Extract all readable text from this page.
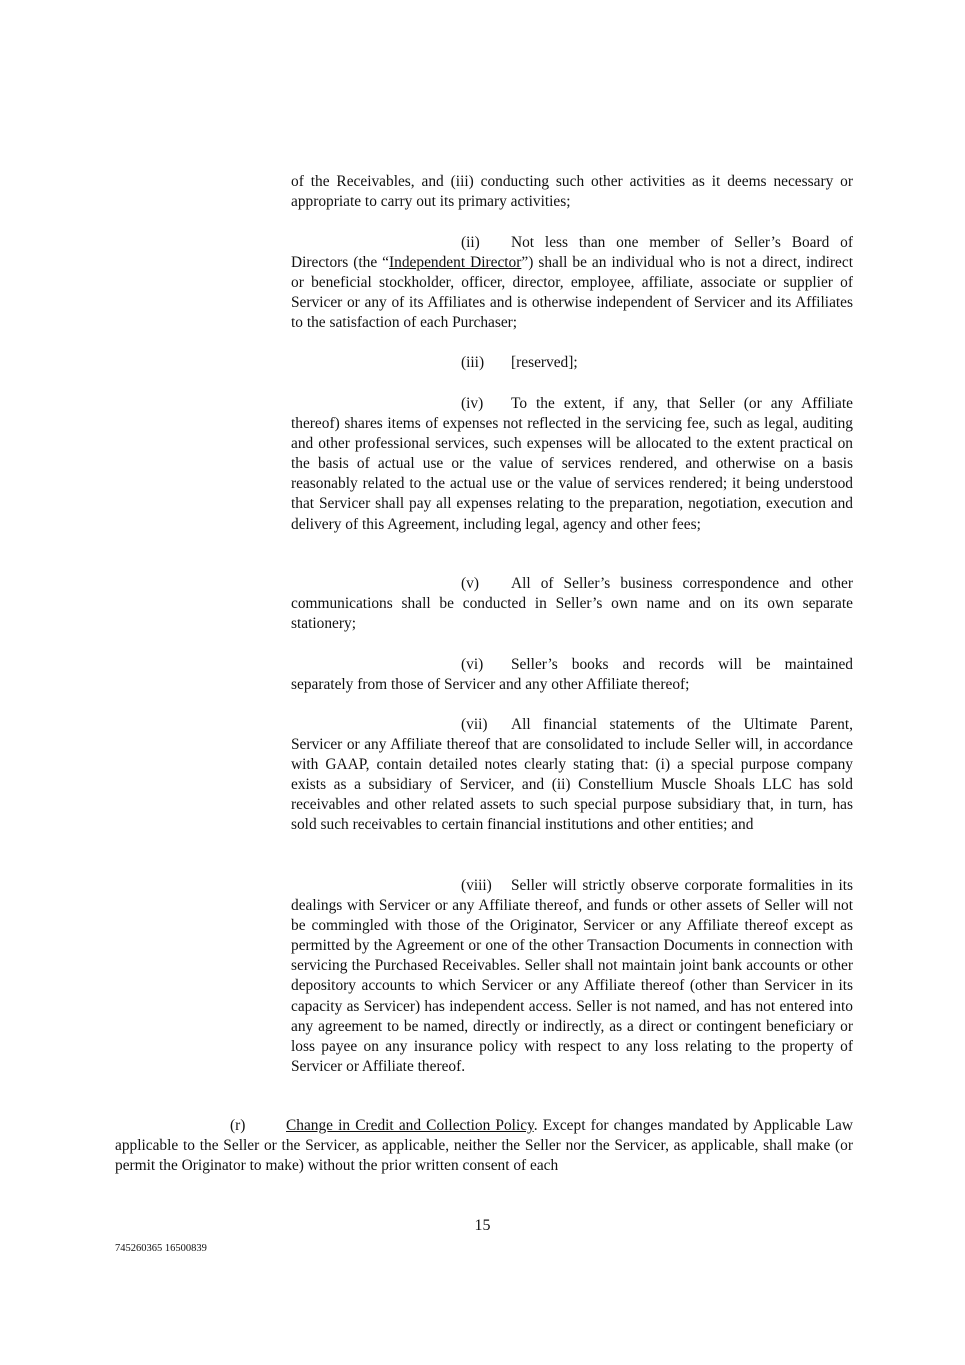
of the Receivables, and (iii) conducting such other activities as it deems necessary or appropriate to carry out its primary activities;

(ii) Not less than one member of Seller’s Board of Directors (the “Independent Director”) shall be an individual who is not a direct, indirect or beneficial stockholder, officer, director, employee, affiliate, associate or supplier of Servicer or any of its Affiliates and is otherwise independent of Servicer and its Affiliates to the satisfaction of each Purchaser;

(iii) [reserved];

(iv) To the extent, if any, that Seller (or any Affiliate thereof) shares items of expenses not reflected in the servicing fee, such as legal, auditing and other professional services, such expenses will be allocated to the extent practical on the basis of actual use or the value of services rendered, and otherwise on a basis reasonably related to the actual use or the value of services rendered; it being understood that Servicer shall pay all expenses relating to the preparation, negotiation, execution and delivery of this Agreement, including legal, agency and other fees;

(v) All of Seller’s business correspondence and other communications shall be conducted in Seller’s own name and on its own separate stationery;

(vi) Seller’s books and records will be maintained separately from those of Servicer and any other Affiliate thereof;

(vii) All financial statements of the Ultimate Parent, Servicer or any Affiliate thereof that are consolidated to include Seller will, in accordance with GAAP, contain detailed notes clearly stating that: (i) a special purpose company exists as a subsidiary of Servicer, and (ii) Constellium Muscle Shoals LLC has sold receivables and other related assets to such special purpose subsidiary that, in turn, has sold such receivables to certain financial institutions and other entities; and

(viii) Seller will strictly observe corporate formalities in its dealings with Servicer or any Affiliate thereof, and funds or other assets of Seller will not be commingled with those of the Originator, Servicer or any Affiliate thereof except as permitted by the Agreement or one of the other Transaction Documents in connection with servicing the Purchased Receivables. Seller shall not maintain joint bank accounts or other depository accounts to which Servicer or any Affiliate thereof (other than Servicer in its capacity as Servicer) has independent access. Seller is not named, and has not entered into any agreement to be named, directly or indirectly, as a direct or contingent beneficiary or loss payee on any insurance policy with respect to any loss relating to the property of Servicer or Affiliate thereof.

(r)	Change in Credit and Collection Policy. Except for changes mandated by Applicable Law applicable to the Seller or the Servicer, as applicable, neither the Seller nor the Servicer, as applicable, shall make (or permit the Originator to make) without the prior written consent of each

15
745260365 16500839
